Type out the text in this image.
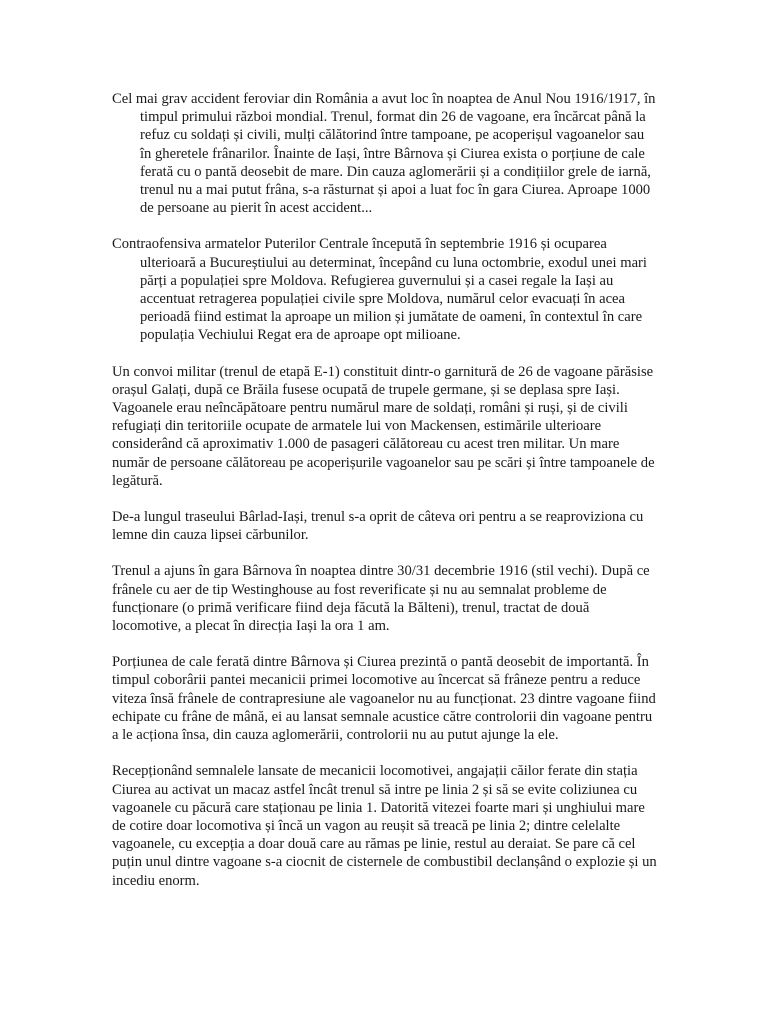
Cel mai grav accident feroviar din România a avut loc în noaptea de Anul Nou 1916/1917, în timpul primului război mondial. Trenul, format din 26 de vagoane, era încărcat până la refuz cu soldați și civili, mulți călătorind între tampoane, pe acoperișul vagoanelor sau în gheretele frânarilor. Înainte de Iași, între Bârnova și Ciurea exista o porțiune de cale ferată cu o pantă deosebit de mare. Din cauza aglomerării și a condițiilor grele de iarnă, trenul nu a mai putut frâna, s-a răsturnat și apoi a luat foc în gara Ciurea. Aproape 1000 de persoane au pierit în acest accident...

Contraofensiva armatelor Puterilor Centrale începută în septembrie 1916 și ocuparea ulterioară a Bucureștiului au determinat, începând cu luna octombrie, exodul unei mari părți a populației spre Moldova. Refugierea guvernului și a casei regale la Iași au accentuat retragerea populației civile spre Moldova, numărul celor evacuați în acea perioadă fiind estimat la aproape un milion și jumătate de oameni, în contextul în care populația Vechiului Regat era de aproape opt milioane.

Un convoi militar (trenul de etapă E-1) constituit dintr-o garnitură de 26 de vagoane părăsise orașul Galați, după ce Brăila fusese ocupată de trupele germane, și se deplasa spre Iași. Vagoanele erau neîncăpătoare pentru numărul mare de soldați, români și ruși, și de civili refugiați din teritoriile ocupate de armatele lui von Mackensen, estimările ulterioare considerând că aproximativ 1.000 de pasageri călătoreau cu acest tren militar. Un mare număr de persoane călătoreau pe acoperișurile vagoanelor sau pe scări și între tampoanele de legătură.

De-a lungul traseului Bârlad-Iași, trenul s-a oprit de câteva ori pentru a se reaproviziona cu lemne din cauza lipsei cărbunilor.

Trenul a ajuns în gara Bârnova în noaptea dintre 30/31 decembrie 1916 (stil vechi). După ce frânele cu aer de tip Westinghouse au fost reverificate și nu au semnalat probleme de funcționare (o primă verificare fiind deja făcută la Bălteni), trenul, tractat de două locomotive, a plecat în direcția Iași la ora 1 am.

Porțiunea de cale ferată dintre Bârnova și Ciurea prezintă o pantă deosebit de importantă. În timpul coborârii pantei mecanicii primei locomotive au încercat să frâneze pentru a reduce viteza însă frânele de contrapresiune ale vagoanelor nu au funcționat. 23 dintre vagoane fiind echipate cu frâne de mână, ei au lansat semnale acustice către controlorii din vagoane pentru a le acționa însa, din cauza aglomerării, controlorii nu au putut ajunge la ele.

Recepționând semnalele lansate de mecanicii locomotivei, angajații căilor ferate din stația Ciurea au activat un macaz astfel încât trenul să intre pe linia 2 și să se evite coliziunea cu vagoanele cu păcură care staționau pe linia 1. Datorită vitezei foarte mari și unghiului mare de cotire doar locomotiva și încă un vagon au reușit să treacă pe linia 2; dintre celelalte vagoanele, cu excepția a doar două care au rămas pe linie, restul au deraiat. Se pare că cel puțin unul dintre vagoane s-a ciocnit de cisternele de combustibil declanșând o explozie și un incediu enorm.
